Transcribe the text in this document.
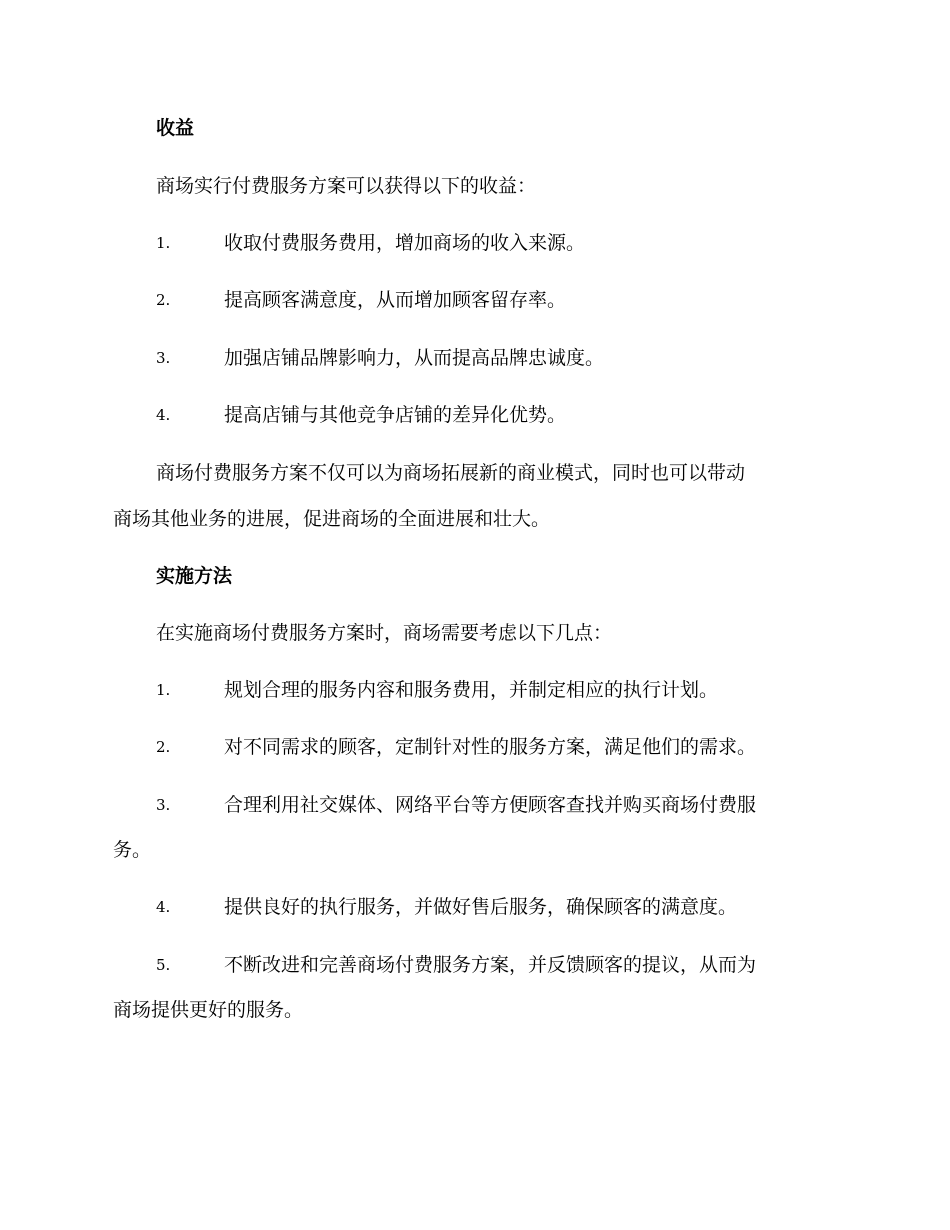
收益
商场实行付费服务方案可以获得以下的收益：
1.	收取付费服务费用，增加商场的收入来源。
2.	提高顾客满意度，从而增加顾客留存率。
3.	加强店铺品牌影响力，从而提高品牌忠诚度。
4.	提高店铺与其他竞争店铺的差异化优势。
商场付费服务方案不仅可以为商场拓展新的商业模式，同时也可以带动
商场其他业务的进展，促进商场的全面进展和壮大。
实施方法
在实施商场付费服务方案时，商场需要考虑以下几点：
1.	规划合理的服务内容和服务费用，并制定相应的执行计划。
2.	对不同需求的顾客，定制针对性的服务方案，满足他们的需求。
3.	合理利用社交媒体、网络平台等方便顾客查找并购买商场付费服
务。
4.	提供良好的执行服务，并做好售后服务，确保顾客的满意度。
5.	不断改进和完善商场付费服务方案，并反馈顾客的提议，从而为
商场提供更好的服务。
